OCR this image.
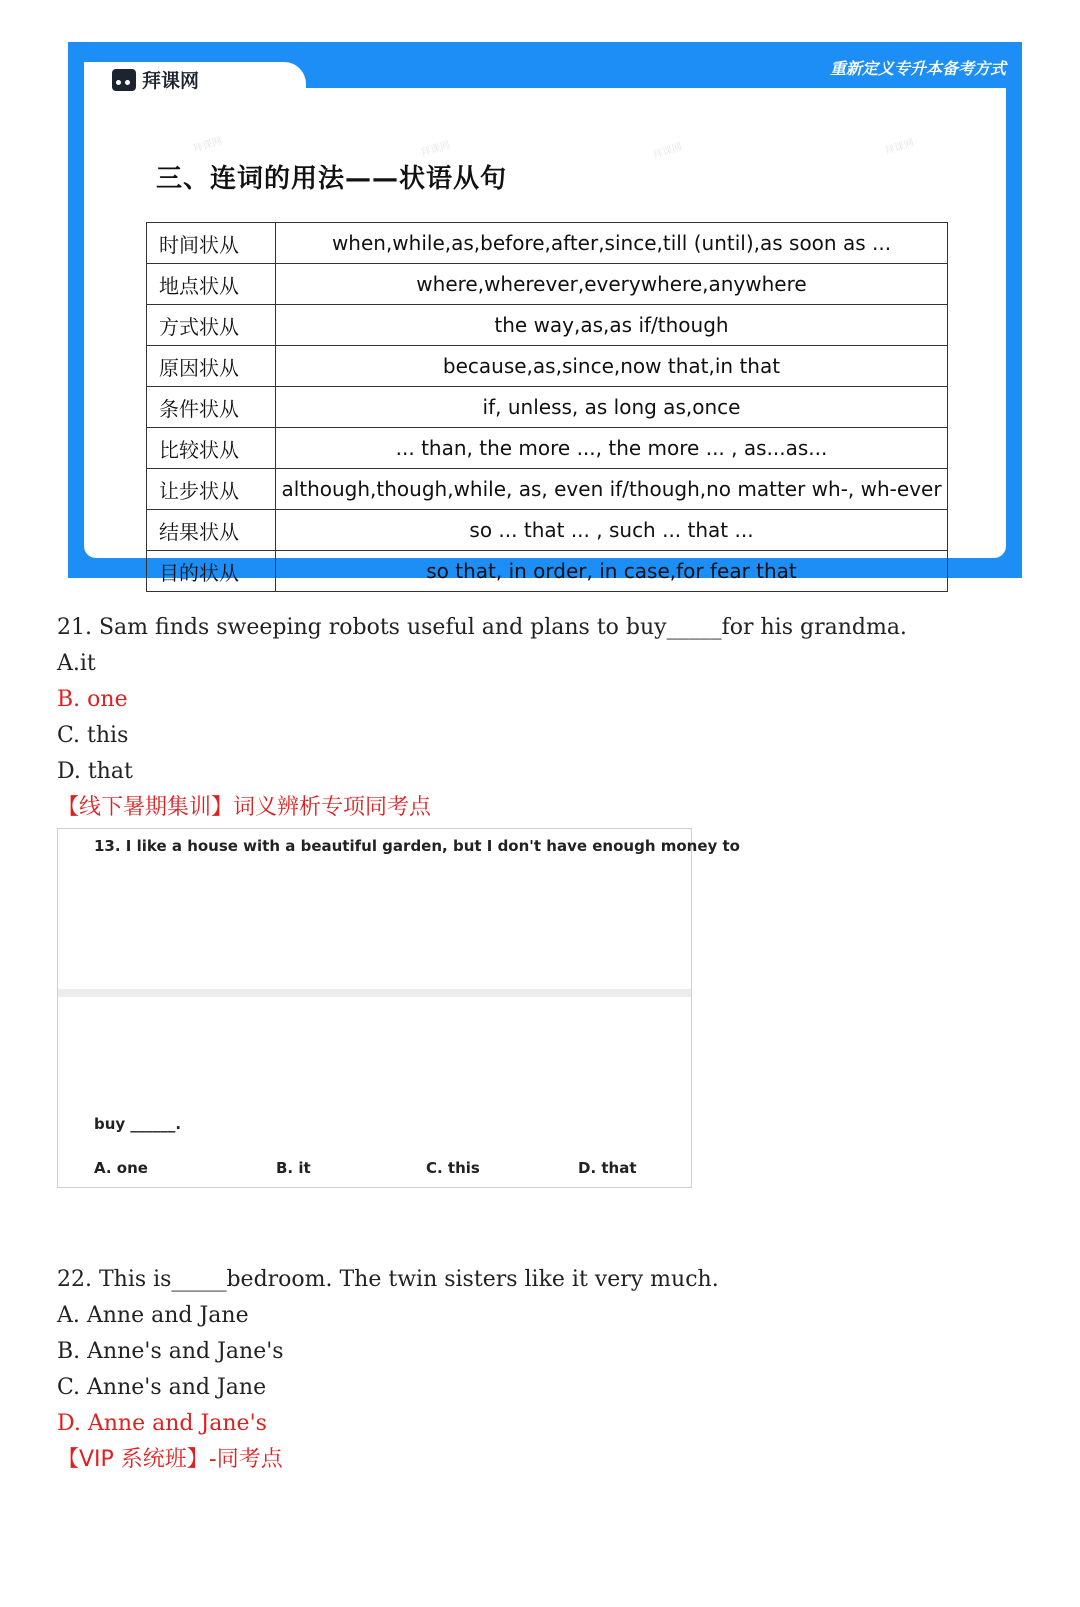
拜课网
重新定义专升本备考方式
三、连词的用法——状语从句
拜课网	拜课网	拜课网	拜课网
时间状从	when,while,as,before,after,since,till (until),as soon as ...
地点状从	where,wherever,everywhere,anywhere
方式状从	the way,as,as if/though
原因状从	because,as,since,now that,in that
条件状从	if, unless, as long as,once
比较状从	... than, the more ..., the more ... , as...as...
让步状从	although,though,while, as, even if/though,no matter wh-, wh-ever
结果状从	so ... that ... , such ... that ...
目的状从	so that, in order, in case,for fear that
21. Sam finds sweeping robots useful and plans to buy_____for his grandma.
A.it
B. one
C. this
D. that
【线下暑期集训】词义辨析专项同考点
13. I like a house with a beautiful garden, but I don't have enough money to
buy ______.
A. one	B. it	C. this	D. that
22. This is_____bedroom. The twin sisters like it very much.
A. Anne and Jane
B. Anne's and Jane's
C. Anne's and Jane
D. Anne and Jane's
【VIP 系统班】-同考点
